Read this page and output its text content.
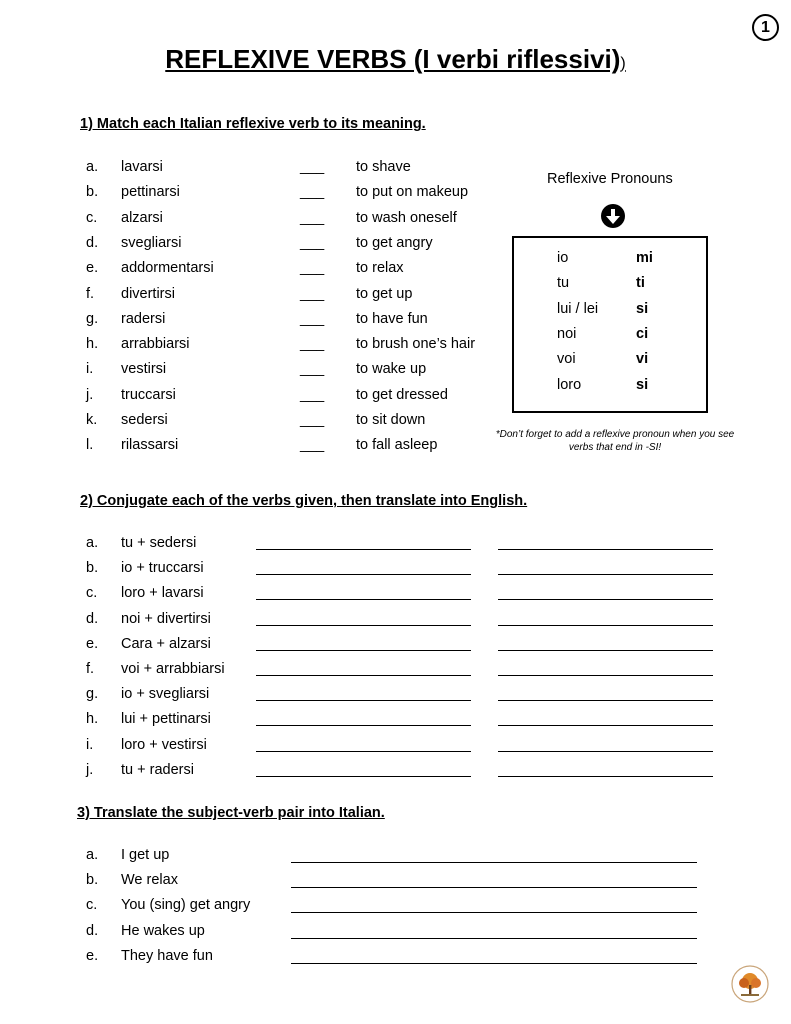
1
REFLEXIVE VERBS (I verbi riflessivi))
1) Match each Italian reflexive verb to its meaning.
a. lavarsi	___ to shave
b. pettinarsi	___ to put on makeup
c. alzarsi	___ to wash oneself
d. svegliarsi	___ to get angry
e. addormentarsi	___ to relax
f. divertirsi	___ to get up
g. radersi	___ to have fun
h. arrabbiarsi	___ to brush one’s hair
i. vestirsi	___ to wake up
j. truccarsi	___ to get dressed
k. sedersi	___ to sit down
l. rilassarsi	___ to fall asleep
Reflexive Pronouns
io	mi
tu	ti
lui / lei	si
noi	ci
voi	vi
loro	si
*Don’t forget to add a reflexive pronoun when you see verbs that end in -SI!
2) Conjugate each of the verbs given, then translate into English.
a. tu + sedersi
b. io + truccarsi
c. loro + lavarsi
d. noi + divertirsi
e. Cara + alzarsi
f. voi + arrabbiarsi
g. io + svegliarsi
h. lui + pettinarsi
i. loro + vestirsi
j. tu + radersi
3) Translate the subject-verb pair into Italian.
a. I get up
b. We relax
c. You (sing) get angry
d. He wakes up
e. They have fun
